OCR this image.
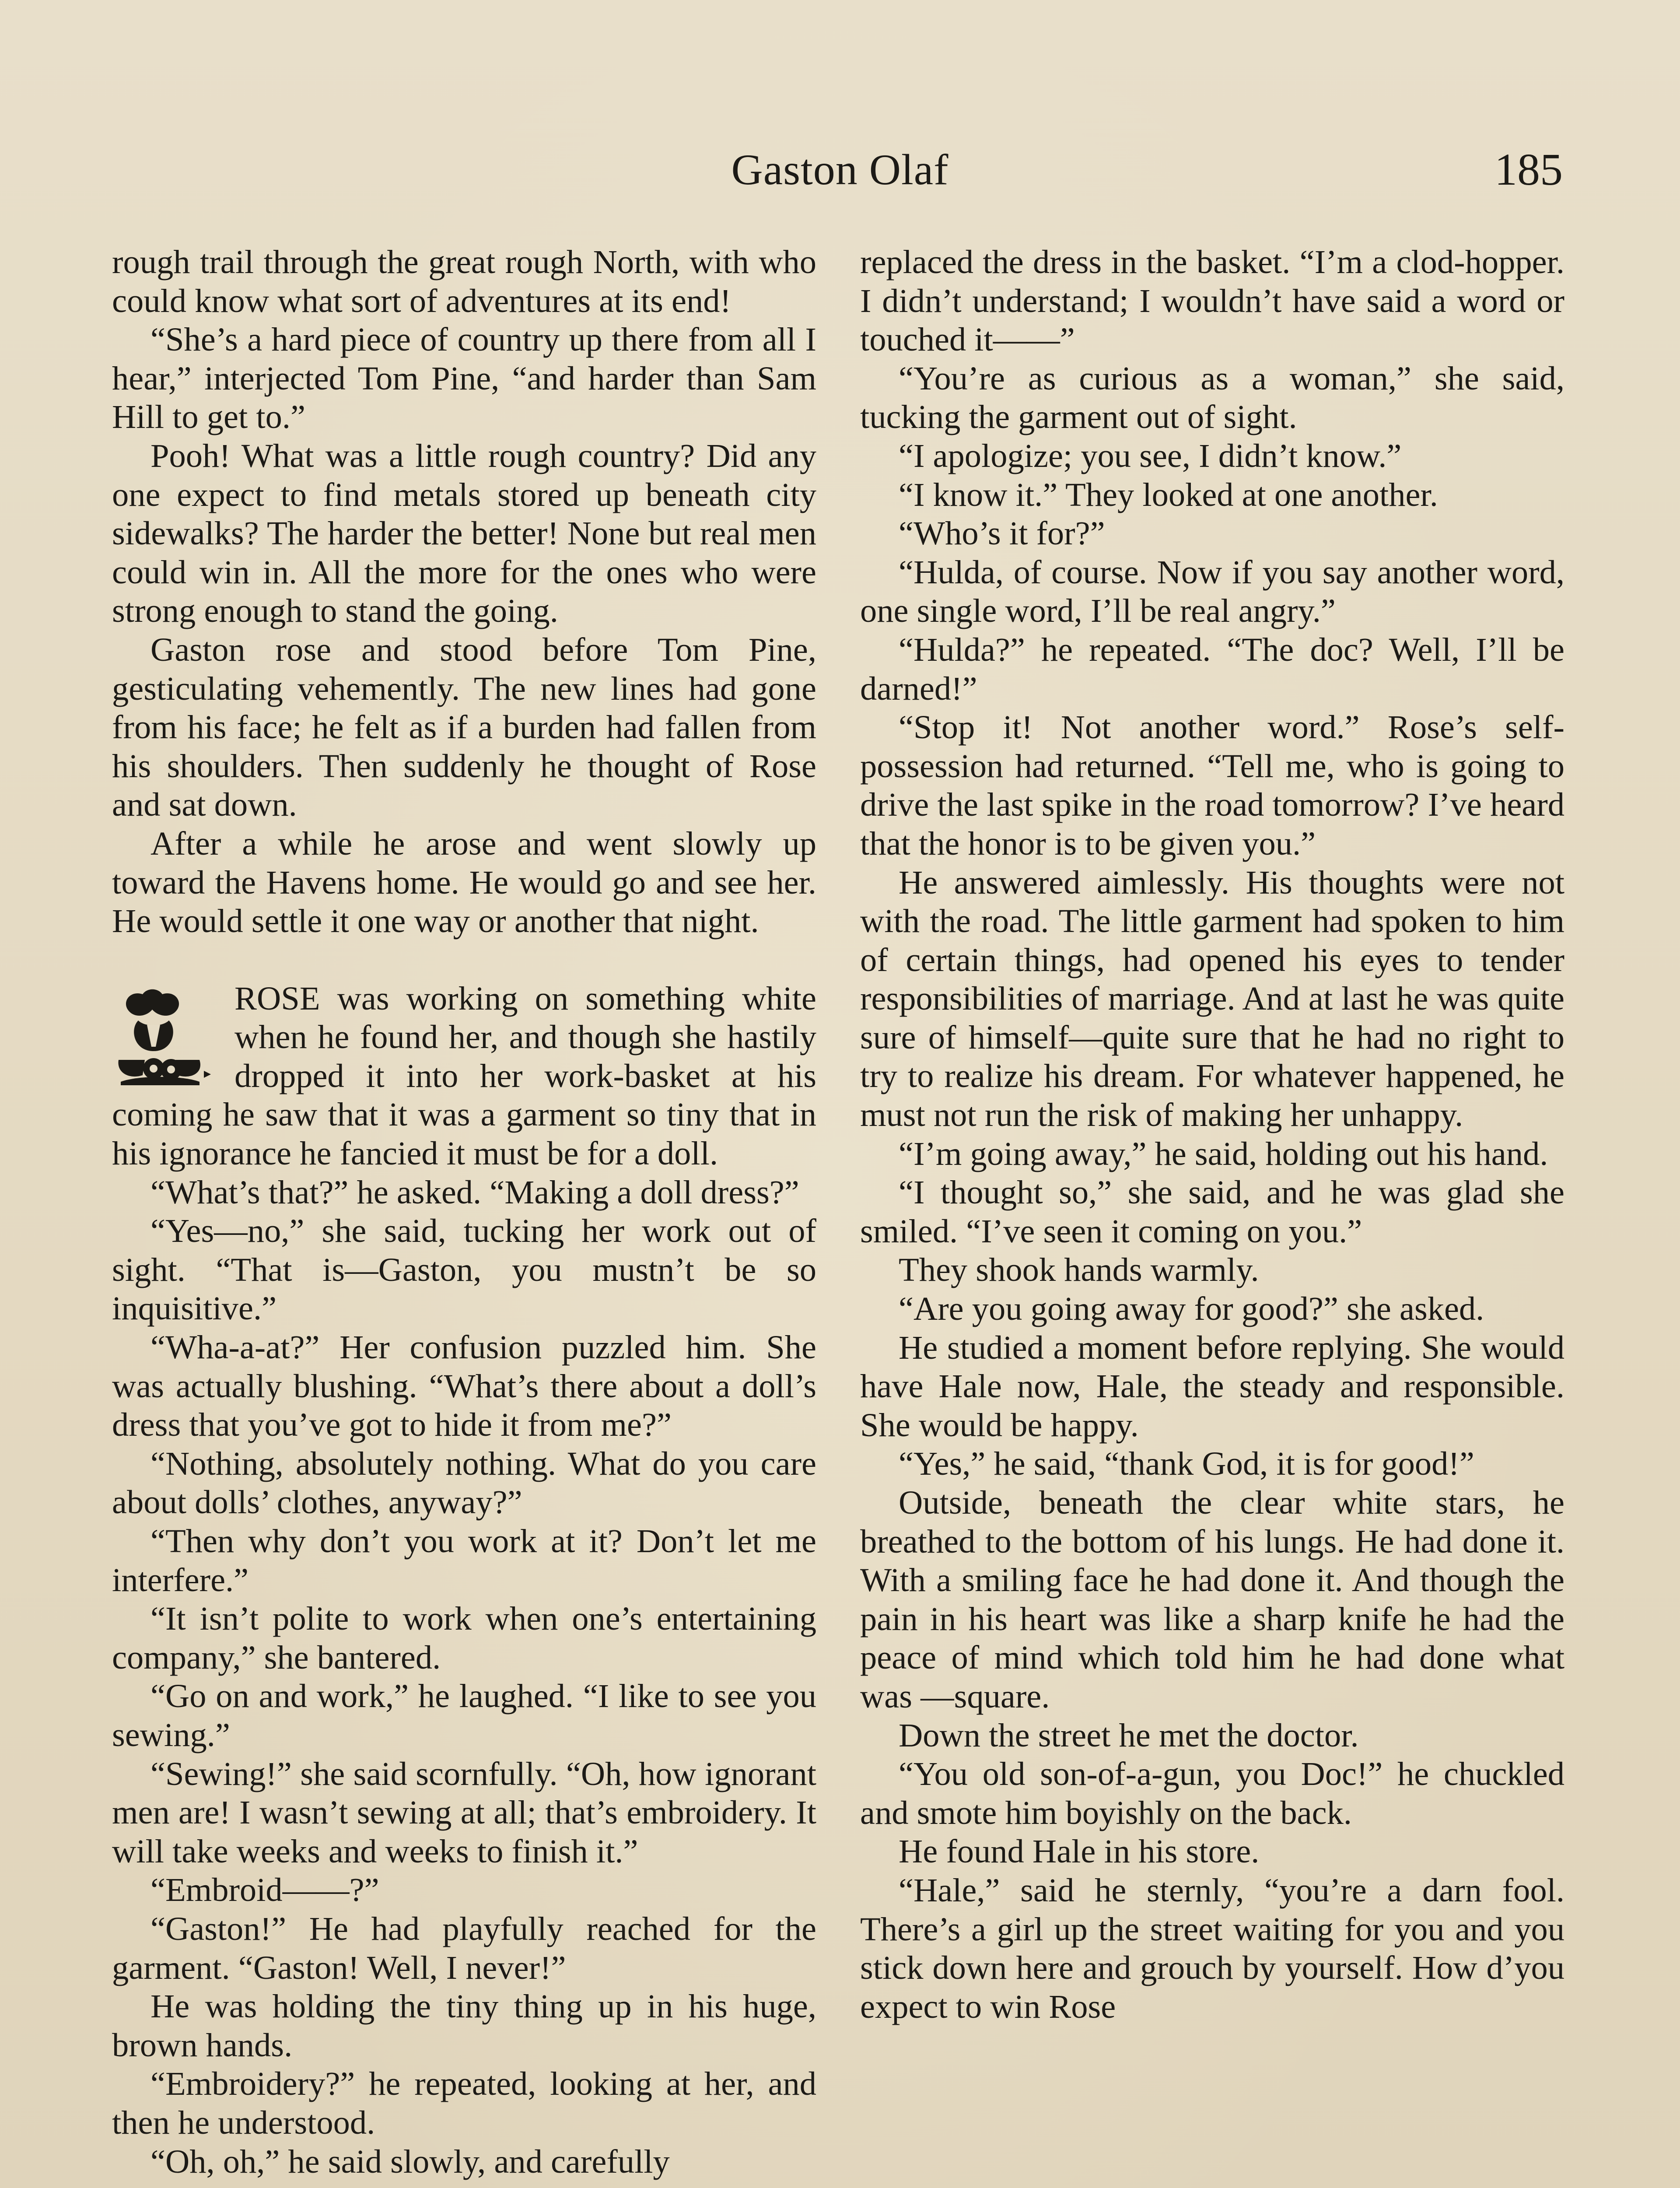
Gaston Olaf	185

rough trail through the great rough North, with who could know what sort of adventures at its end!

“She’s a hard piece of country up there from all I hear,” interjected Tom Pine, “and harder than Sam Hill to get to.”

Pooh! What was a little rough country? Did any one expect to find metals stored up beneath city sidewalks? The harder the better! None but real men could win in. All the more for the ones who were strong enough to stand the going.

Gaston rose and stood before Tom Pine, gesticulating vehemently. The new lines had gone from his face; he felt as if a burden had fallen from his shoulders. Then suddenly he thought of Rose and sat down.

After a while he arose and went slowly up toward the Havens home. He would go and see her. He would settle it one way or another that night.

ROSE was working on something white when he found her, and though she hastily dropped it into her work-basket at his coming he saw that it was a garment so tiny that in his ignorance he fancied it must be for a doll.

“What’s that?” he asked. “Making a doll dress?”

“Yes—no,” she said, tucking her work out of sight. “That is—Gaston, you mustn’t be so inquisitive.”

“Wha-a-at?” Her confusion puzzled him. She was actually blushing. “What’s there about a doll’s dress that you’ve got to hide it from me?”

“Nothing, absolutely nothing. What do you care about dolls’ clothes, anyway?”

“Then why don’t you work at it? Don’t let me interfere.”

“It isn’t polite to work when one’s entertaining company,” she bantered.

“Go on and work,” he laughed. “I like to see you sewing.”

“Sewing!” she said scornfully. “Oh, how ignorant men are! I wasn’t sewing at all; that’s embroidery. It will take weeks and weeks to finish it.”

“Embroid——?”

“Gaston!” He had playfully reached for the garment. “Gaston! Well, I never!”

He was holding the tiny thing up in his huge, brown hands.

“Embroidery?” he repeated, looking at her, and then he understood.

“Oh, oh,” he said slowly, and carefully

replaced the dress in the basket. “I’m a clod-hopper. I didn’t understand; I wouldn’t have said a word or touched it——”

“You’re as curious as a woman,” she said, tucking the garment out of sight.

“I apologize; you see, I didn’t know.”

“I know it.” They looked at one another.

“Who’s it for?”

“Hulda, of course. Now if you say another word, one single word, I’ll be real angry.”

“Hulda?” he repeated. “The doc? Well, I’ll be darned!”

“Stop it! Not another word.” Rose’s self-possession had returned. “Tell me, who is going to drive the last spike in the road tomorrow? I’ve heard that the honor is to be given you.”

He answered aimlessly. His thoughts were not with the road. The little garment had spoken to him of certain things, had opened his eyes to tender responsibilities of marriage. And at last he was quite sure of himself—quite sure that he had no right to try to realize his dream. For whatever happened, he must not run the risk of making her unhappy.

“I’m going away,” he said, holding out his hand.

“I thought so,” she said, and he was glad she smiled. “I’ve seen it coming on you.”

They shook hands warmly.

“Are you going away for good?” she asked.

He studied a moment before replying. She would have Hale now, Hale, the steady and responsible. She would be happy.

“Yes,” he said, “thank God, it is for good!”

Outside, beneath the clear white stars, he breathed to the bottom of his lungs. He had done it. With a smiling face he had done it. And though the pain in his heart was like a sharp knife he had the peace of mind which told him he had done what was —square.

Down the street he met the doctor.

“You old son-of-a-gun, you Doc!” he chuckled and smote him boyishly on the back.

He found Hale in his store.

“Hale,” said he sternly, “you’re a darn fool. There’s a girl up the street waiting for you and you stick down here and grouch by yourself. How d’you expect to win Rose
